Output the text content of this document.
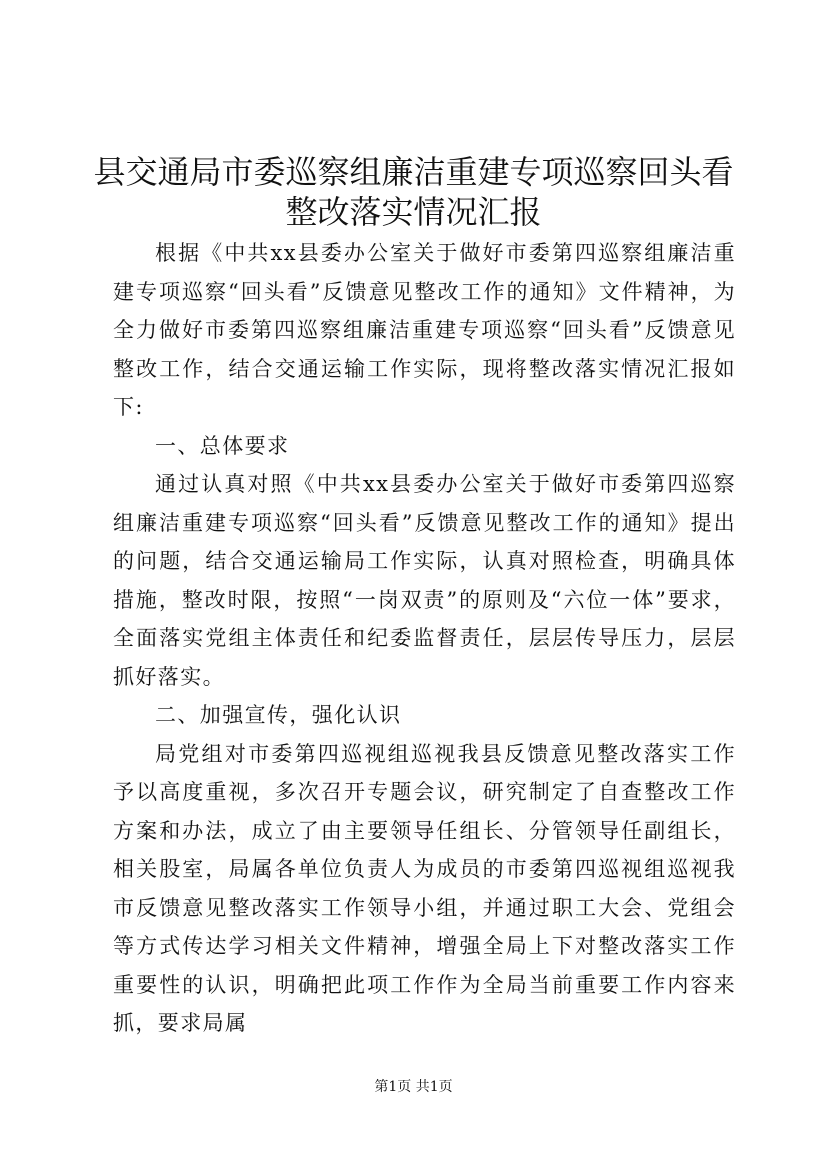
县交通局市委巡察组廉洁重建专项巡察回头看
整改落实情况汇报

根据《中共xx县委办公室关于做好市委第四巡察组廉洁重建专项巡察“回头看”反馈意见整改工作的通知》文件精神，为全力做好市委第四巡察组廉洁重建专项巡察“回头看”反馈意见整改工作，结合交通运输工作实际，现将整改落实情况汇报如下:

一、总体要求

通过认真对照《中共xx县委办公室关于做好市委第四巡察组廉洁重建专项巡察“回头看”反馈意见整改工作的通知》提出的问题，结合交通运输局工作实际，认真对照检查，明确具体措施，整改时限，按照“一岗双责”的原则及“六位一体”要求，全面落实党组主体责任和纪委监督责任，层层传导压力，层层抓好落实。

二、加强宣传，强化认识

局党组对市委第四巡视组巡视我县反馈意见整改落实工作予以高度重视，多次召开专题会议，研究制定了自查整改工作方案和办法，成立了由主要领导任组长、分管领导任副组长，相关股室，局属各单位负责人为成员的市委第四巡视组巡视我市反馈意见整改落实工作领导小组，并通过职工大会、党组会等方式传达学习相关文件精神，增强全局上下对整改落实工作重要性的认识，明确把此项工作作为全局当前重要工作内容来抓，要求局属

第1页 共1页
